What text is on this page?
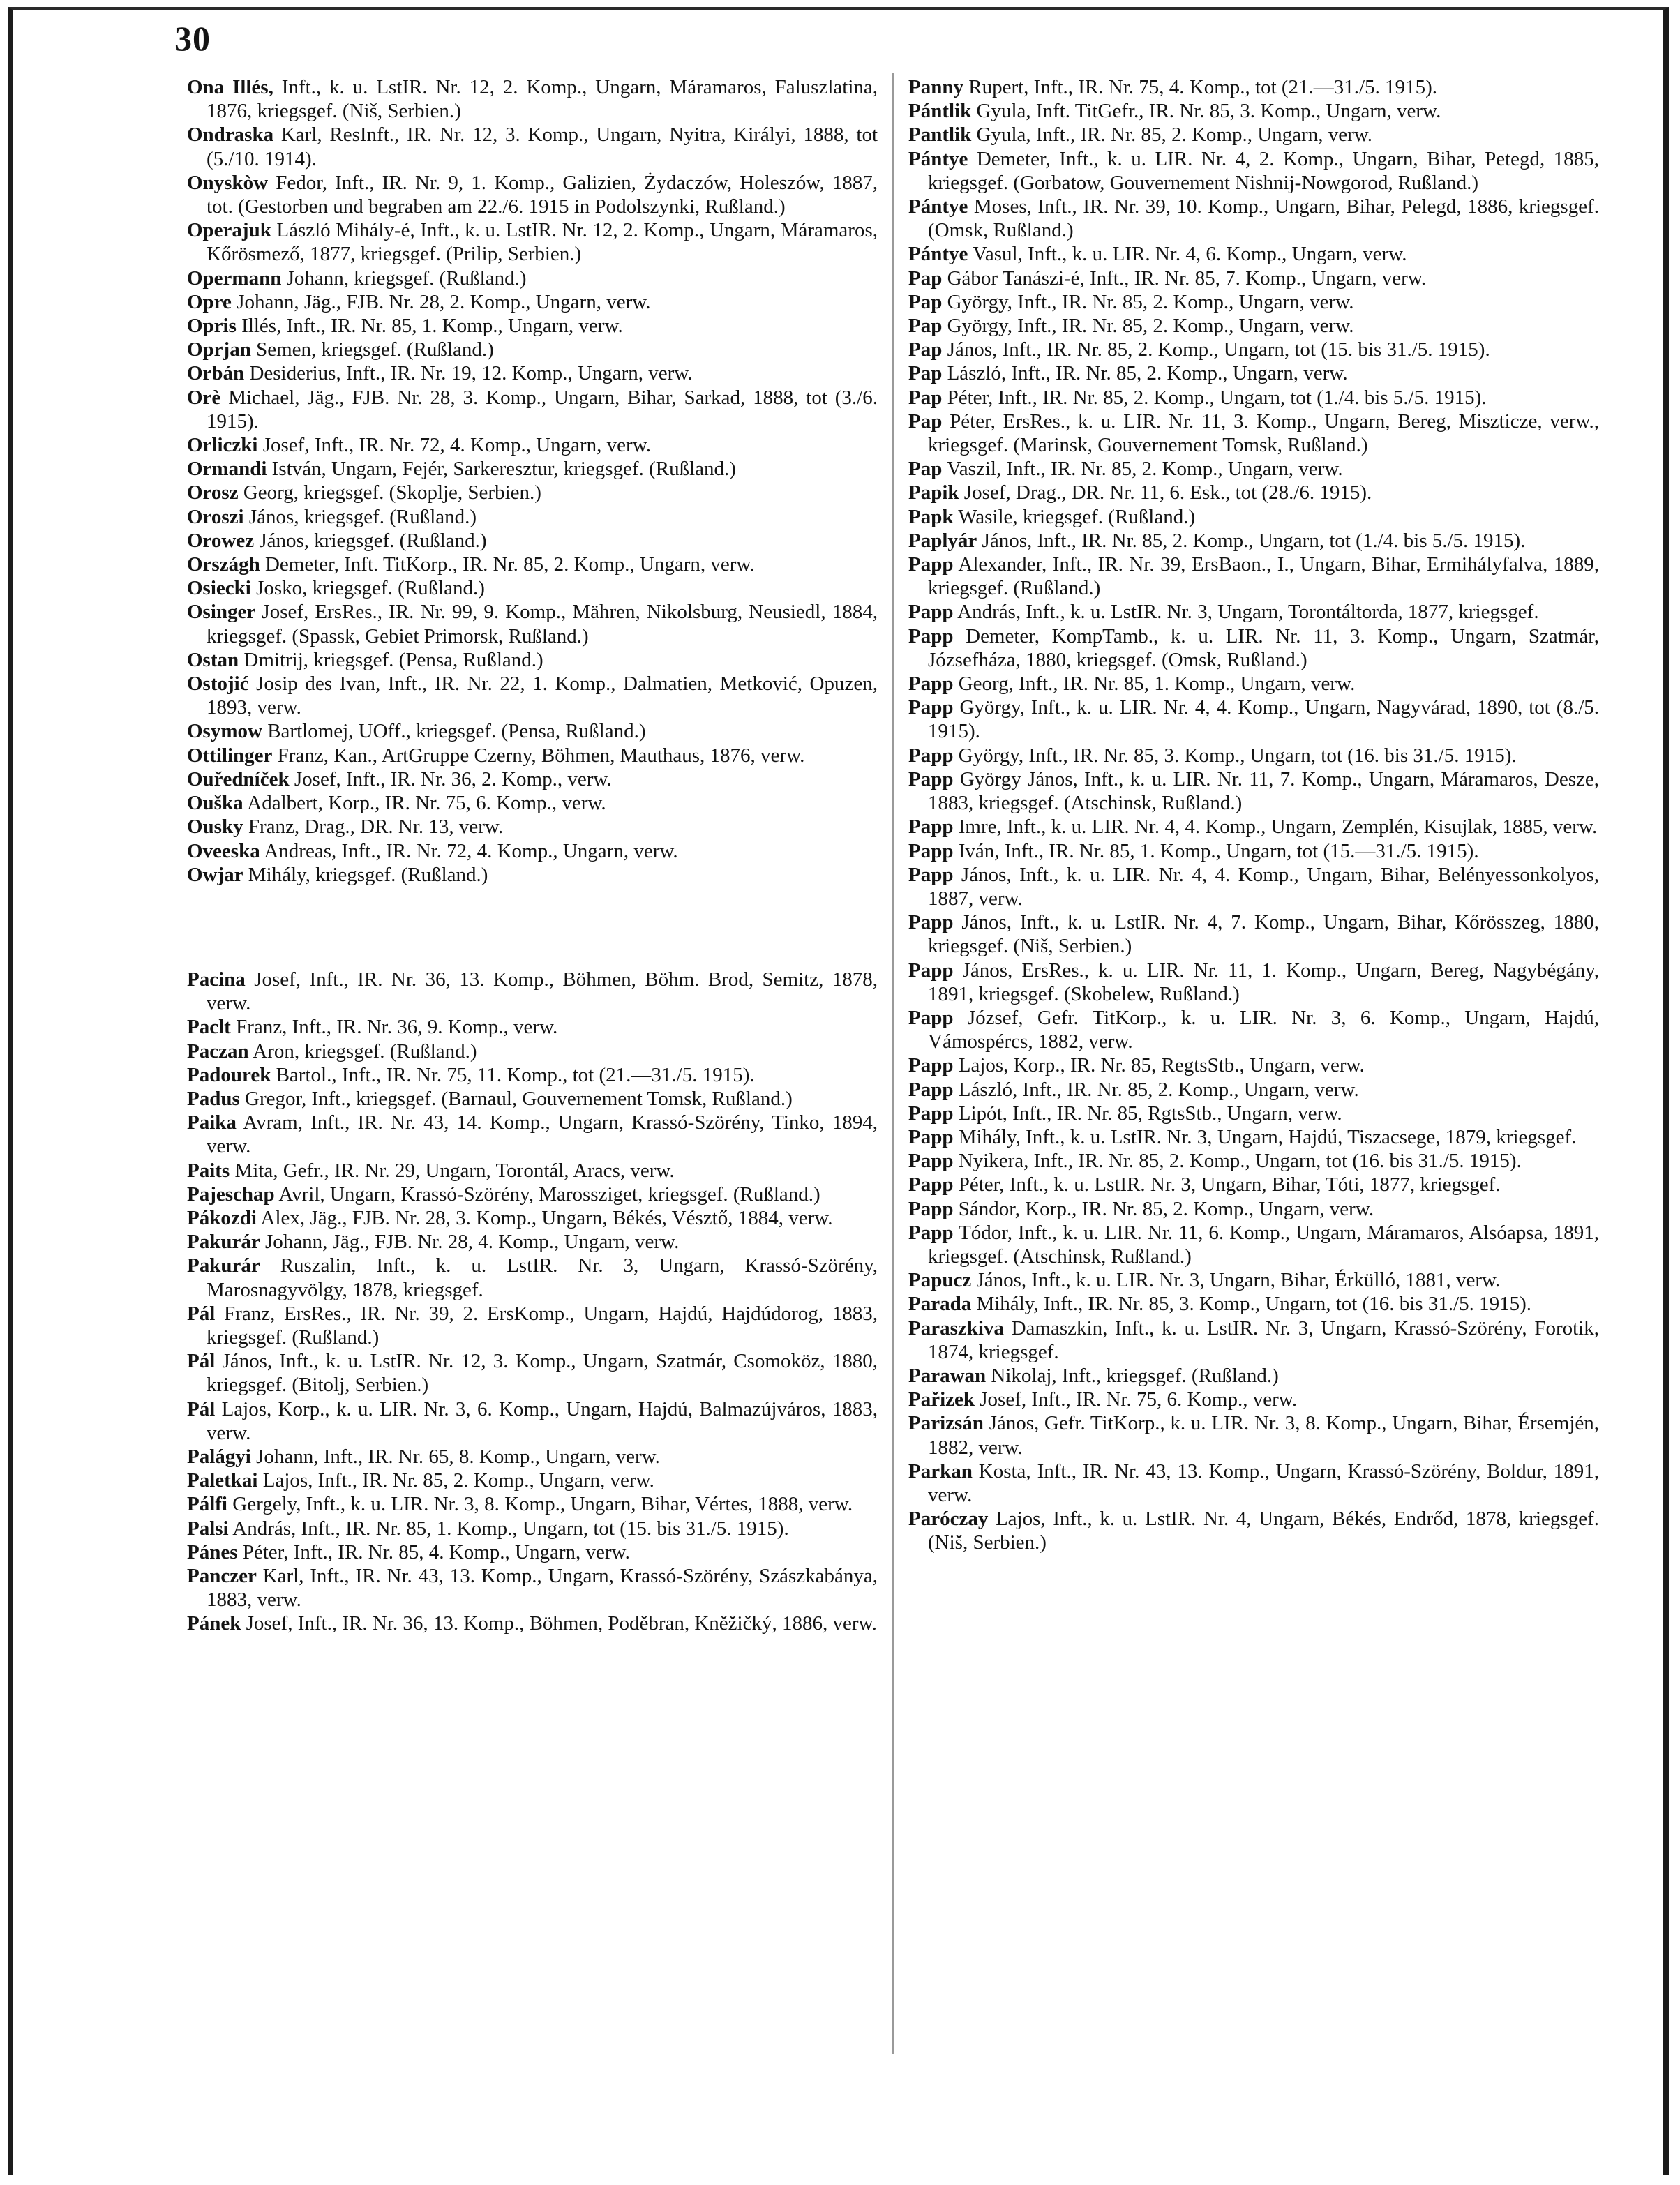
30

Ona Illés, Inft., k. u. LstIR. Nr. 12, 2. Komp., Ungarn, Máramaros, Faluszlatina, 1876, kriegsgef. (Niš, Serbien.)

Ondraska Karl, ResInft., IR. Nr. 12, 3. Komp., Ungarn, Nyitra, Királyi, 1888, tot (5./10. 1914).

Onyskòw Fedor, Inft., IR. Nr. 9, 1. Komp., Galizien, Żydaczów, Holeszów, 1887, tot. (Gestorben und begraben am 22./6. 1915 in Podolszynki, Rußland.)

Operajuk László Mihály-é, Inft., k. u. LstIR. Nr. 12, 2. Komp., Ungarn, Máramaros, Kőrösmező, 1877, kriegsgef. (Prilip, Serbien.)

Opermann Johann, kriegsgef. (Rußland.)

Opre Johann, Jäg., FJB. Nr. 28, 2. Komp., Ungarn, verw.

Opris Illés, Inft., IR. Nr. 85, 1. Komp., Ungarn, verw.

Oprjan Semen, kriegsgef. (Rußland.)

Orbán Desiderius, Inft., IR. Nr. 19, 12. Komp., Ungarn, verw.

Orè Michael, Jäg., FJB. Nr. 28, 3. Komp., Ungarn, Bihar, Sarkad, 1888, tot (3./6. 1915).

Orliczki Josef, Inft., IR. Nr. 72, 4. Komp., Ungarn, verw.

Ormandi István, Ungarn, Fejér, Sarkeresztur, kriegsgef. (Rußland.)

Orosz Georg, kriegsgef. (Skoplje, Serbien.)

Oroszi János, kriegsgef. (Rußland.)

Orowez János, kriegsgef. (Rußland.)

Országh Demeter, Inft. TitKorp., IR. Nr. 85, 2. Komp., Ungarn, verw.

Osiecki Josko, kriegsgef. (Rußland.)

Osinger Josef, ErsRes., IR. Nr. 99, 9. Komp., Mähren, Nikolsburg, Neusiedl, 1884, kriegsgef. (Spassk, Gebiet Primorsk, Rußland.)

Ostan Dmitrij, kriegsgef. (Pensa, Rußland.)

Ostojić Josip des Ivan, Inft., IR. Nr. 22, 1. Komp., Dalmatien, Metković, Opuzen, 1893, verw.

Osymow Bartlomej, UOff., kriegsgef. (Pensa, Rußland.)

Ottilinger Franz, Kan., ArtGruppe Czerny, Böhmen, Mauthaus, 1876, verw.

Ouředníček Josef, Inft., IR. Nr. 36, 2. Komp., verw.

Ouška Adalbert, Korp., IR. Nr. 75, 6. Komp., verw.

Ousky Franz, Drag., DR. Nr. 13, verw.

Oveeska Andreas, Inft., IR. Nr. 72, 4. Komp., Ungarn, verw.

Owjar Mihály, kriegsgef. (Rußland.)

Pacina Josef, Inft., IR. Nr. 36, 13. Komp., Böhmen, Böhm. Brod, Semitz, 1878, verw.

Paclt Franz, Inft., IR. Nr. 36, 9. Komp., verw.

Paczan Aron, kriegsgef. (Rußland.)

Padourek Bartol., Inft., IR. Nr. 75, 11. Komp., tot (21.—31./5. 1915).

Padus Gregor, Inft., kriegsgef. (Barnaul, Gouvernement Tomsk, Rußland.)

Paika Avram, Inft., IR. Nr. 43, 14. Komp., Ungarn, Krassó-Szörény, Tinko, 1894, verw.

Paits Mita, Gefr., IR. Nr. 29, Ungarn, Torontál, Aracs, verw.

Pajeschap Avril, Ungarn, Krassó-Szörény, Marossziget, kriegsgef. (Rußland.)

Pákozdi Alex, Jäg., FJB. Nr. 28, 3. Komp., Ungarn, Békés, Vésztő, 1884, verw.

Pakurár Johann, Jäg., FJB. Nr. 28, 4. Komp., Ungarn, verw.

Pakurár Ruszalin, Inft., k. u. LstIR. Nr. 3, Ungarn, Krassó-Szörény, Marosnagyvölgy, 1878, kriegsgef.

Pál Franz, ErsRes., IR. Nr. 39, 2. ErsKomp., Ungarn, Hajdú, Hajdúdorog, 1883, kriegsgef. (Rußland.)

Pál János, Inft., k. u. LstIR. Nr. 12, 3. Komp., Ungarn, Szatmár, Csomoköz, 1880, kriegsgef. (Bitolj, Serbien.)

Pál Lajos, Korp., k. u. LIR. Nr. 3, 6. Komp., Ungarn, Hajdú, Balmazújváros, 1883, verw.

Palágyi Johann, Inft., IR. Nr. 65, 8. Komp., Ungarn, verw.

Paletkai Lajos, Inft., IR. Nr. 85, 2. Komp., Ungarn, verw.

Pálfi Gergely, Inft., k. u. LIR. Nr. 3, 8. Komp., Ungarn, Bihar, Vértes, 1888, verw.

Palsi András, Inft., IR. Nr. 85, 1. Komp., Ungarn, tot (15. bis 31./5. 1915).

Pánes Péter, Inft., IR. Nr. 85, 4. Komp., Ungarn, verw.

Panczer Karl, Inft., IR. Nr. 43, 13. Komp., Ungarn, Krassó-Szörény, Szászkabánya, 1883, verw.

Pánek Josef, Inft., IR. Nr. 36, 13. Komp., Böhmen, Poděbran, Kněžičký, 1886, verw.

Panny Rupert, Inft., IR. Nr. 75, 4. Komp., tot (21.—31./5. 1915).

Pántlik Gyula, Inft. TitGefr., IR. Nr. 85, 3. Komp., Ungarn, verw.

Pantlik Gyula, Inft., IR. Nr. 85, 2. Komp., Ungarn, verw.

Pántye Demeter, Inft., k. u. LIR. Nr. 4, 2. Komp., Ungarn, Bihar, Petegd, 1885, kriegsgef. (Gorbatow, Gouvernement Nishnij-Nowgorod, Rußland.)

Pántye Moses, Inft., IR. Nr. 39, 10. Komp., Ungarn, Bihar, Pelegd, 1886, kriegsgef. (Omsk, Rußland.)

Pántye Vasul, Inft., k. u. LIR. Nr. 4, 6. Komp., Ungarn, verw.

Pap Gábor Tanászi-é, Inft., IR. Nr. 85, 7. Komp., Ungarn, verw.

Pap György, Inft., IR. Nr. 85, 2. Komp., Ungarn, verw.

Pap György, Inft., IR. Nr. 85, 2. Komp., Ungarn, verw.

Pap János, Inft., IR. Nr. 85, 2. Komp., Ungarn, tot (15. bis 31./5. 1915).

Pap László, Inft., IR. Nr. 85, 2. Komp., Ungarn, verw.

Pap Péter, Inft., IR. Nr. 85, 2. Komp., Ungarn, tot (1./4. bis 5./5. 1915).

Pap Péter, ErsRes., k. u. LIR. Nr. 11, 3. Komp., Ungarn, Bereg, Miszticze, verw., kriegsgef. (Marinsk, Gouvernement Tomsk, Rußland.)

Pap Vaszil, Inft., IR. Nr. 85, 2. Komp., Ungarn, verw.

Papik Josef, Drag., DR. Nr. 11, 6. Esk., tot (28./6. 1915).

Papk Wasile, kriegsgef. (Rußland.)

Paplyár János, Inft., IR. Nr. 85, 2. Komp., Ungarn, tot (1./4. bis 5./5. 1915).

Papp Alexander, Inft., IR. Nr. 39, ErsBaon., I., Ungarn, Bihar, Ermihályfalva, 1889, kriegsgef. (Rußland.)

Papp András, Inft., k. u. LstIR. Nr. 3, Ungarn, Torontáltorda, 1877, kriegsgef.

Papp Demeter, KompTamb., k. u. LIR. Nr. 11, 3. Komp., Ungarn, Szatmár, Józsefháza, 1880, kriegsgef. (Omsk, Rußland.)

Papp Georg, Inft., IR. Nr. 85, 1. Komp., Ungarn, verw.

Papp György, Inft., k. u. LIR. Nr. 4, 4. Komp., Ungarn, Nagyvárad, 1890, tot (8./5. 1915).

Papp György, Inft., IR. Nr. 85, 3. Komp., Ungarn, tot (16. bis 31./5. 1915).

Papp György János, Inft., k. u. LIR. Nr. 11, 7. Komp., Ungarn, Máramaros, Desze, 1883, kriegsgef. (Atschinsk, Rußland.)

Papp Imre, Inft., k. u. LIR. Nr. 4, 4. Komp., Ungarn, Zemplén, Kisujlak, 1885, verw.

Papp Iván, Inft., IR. Nr. 85, 1. Komp., Ungarn, tot (15.—31./5. 1915).

Papp János, Inft., k. u. LIR. Nr. 4, 4. Komp., Ungarn, Bihar, Belényessonkolyos, 1887, verw.

Papp János, Inft., k. u. LstIR. Nr. 4, 7. Komp., Ungarn, Bihar, Kőrösszeg, 1880, kriegsgef. (Niš, Serbien.)

Papp János, ErsRes., k. u. LIR. Nr. 11, 1. Komp., Ungarn, Bereg, Nagybégány, 1891, kriegsgef. (Skobelew, Rußland.)

Papp József, Gefr. TitKorp., k. u. LIR. Nr. 3, 6. Komp., Ungarn, Hajdú, Vámospércs, 1882, verw.

Papp Lajos, Korp., IR. Nr. 85, RegtsStb., Ungarn, verw.

Papp László, Inft., IR. Nr. 85, 2. Komp., Ungarn, verw.

Papp Lipót, Inft., IR. Nr. 85, RgtsStb., Ungarn, verw.

Papp Mihály, Inft., k. u. LstIR. Nr. 3, Ungarn, Hajdú, Tiszacsege, 1879, kriegsgef.

Papp Nyikera, Inft., IR. Nr. 85, 2. Komp., Ungarn, tot (16. bis 31./5. 1915).

Papp Péter, Inft., k. u. LstIR. Nr. 3, Ungarn, Bihar, Tóti, 1877, kriegsgef.

Papp Sándor, Korp., IR. Nr. 85, 2. Komp., Ungarn, verw.

Papp Tódor, Inft., k. u. LIR. Nr. 11, 6. Komp., Ungarn, Máramaros, Alsóapsa, 1891, kriegsgef. (Atschinsk, Rußland.)

Papucz János, Inft., k. u. LIR. Nr. 3, Ungarn, Bihar, Érkülló, 1881, verw.

Parada Mihály, Inft., IR. Nr. 85, 3. Komp., Ungarn, tot (16. bis 31./5. 1915).

Paraszkiva Damaszkin, Inft., k. u. LstIR. Nr. 3, Ungarn, Krassó-Szörény, Forotik, 1874, kriegsgef.

Parawan Nikolaj, Inft., kriegsgef. (Rußland.)

Pařizek Josef, Inft., IR. Nr. 75, 6. Komp., verw.

Parizsán János, Gefr. TitKorp., k. u. LIR. Nr. 3, 8. Komp., Ungarn, Bihar, Érsemjén, 1882, verw.

Parkan Kosta, Inft., IR. Nr. 43, 13. Komp., Ungarn, Krassó-Szörény, Boldur, 1891, verw.

Paróczay Lajos, Inft., k. u. LstIR. Nr. 4, Ungarn, Békés, Endrőd, 1878, kriegsgef. (Niš, Serbien.)
